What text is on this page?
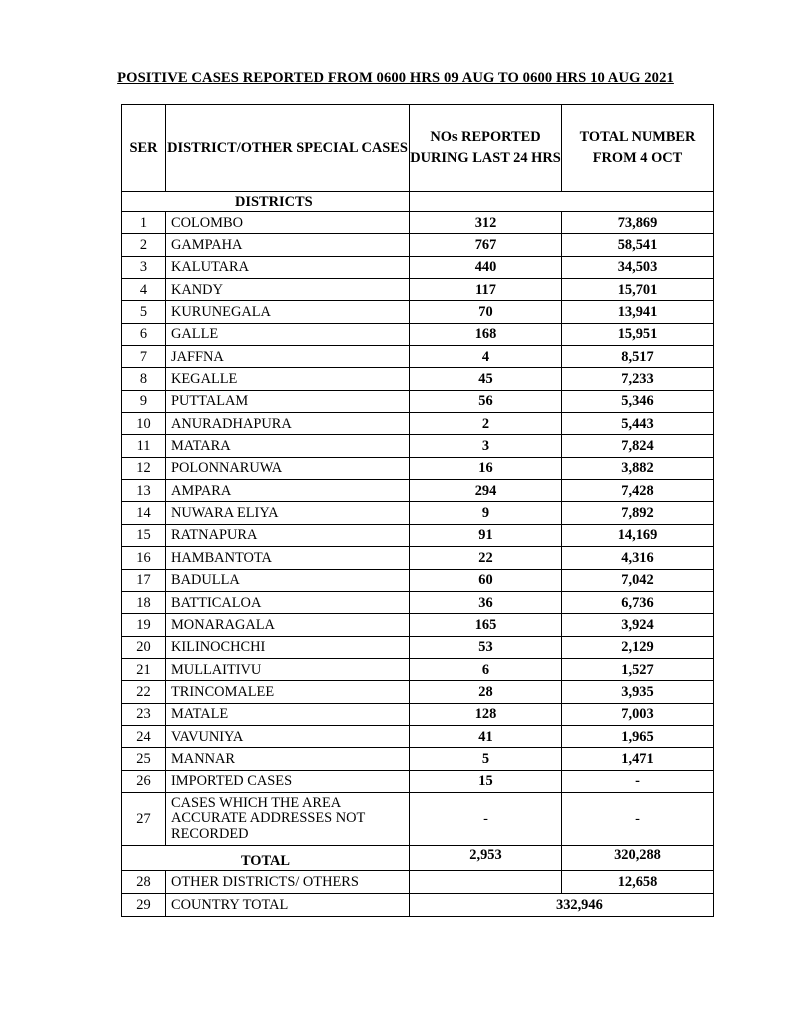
POSITIVE CASES REPORTED FROM 0600 HRS 09 AUG TO 0600 HRS 10 AUG 2021
SER	DISTRICT/OTHER SPECIAL CASES	NOs REPORTED DURING LAST 24 HRS	TOTAL NUMBER FROM 4 OCT
DISTRICTS			
1	COLOMBO	312	73,869
2	GAMPAHA	767	58,541
3	KALUTARA	440	34,503
4	KANDY	117	15,701
5	KURUNEGALA	70	13,941
6	GALLE	168	15,951
7	JAFFNA	4	8,517
8	KEGALLE	45	7,233
9	PUTTALAM	56	5,346
10	ANURADHAPURA	2	5,443
11	MATARA	3	7,824
12	POLONNARUWA	16	3,882
13	AMPARA	294	7,428
14	NUWARA ELIYA	9	7,892
15	RATNAPURA	91	14,169
16	HAMBANTOTA	22	4,316
17	BADULLA	60	7,042
18	BATTICALOA	36	6,736
19	MONARAGALA	165	3,924
20	KILINOCHCHI	53	2,129
21	MULLAITIVU	6	1,527
22	TRINCOMALEE	28	3,935
23	MATALE	128	7,003
24	VAVUNIYA	41	1,965
25	MANNAR	5	1,471
26	IMPORTED CASES	15	-
27	CASES WHICH THE AREA ACCURATE ADDRESSES NOT RECORDED	-	-
TOTAL		2,953	320,288
28	OTHER DISTRICTS/ OTHERS		12,658
29	COUNTRY TOTAL	332,946	
